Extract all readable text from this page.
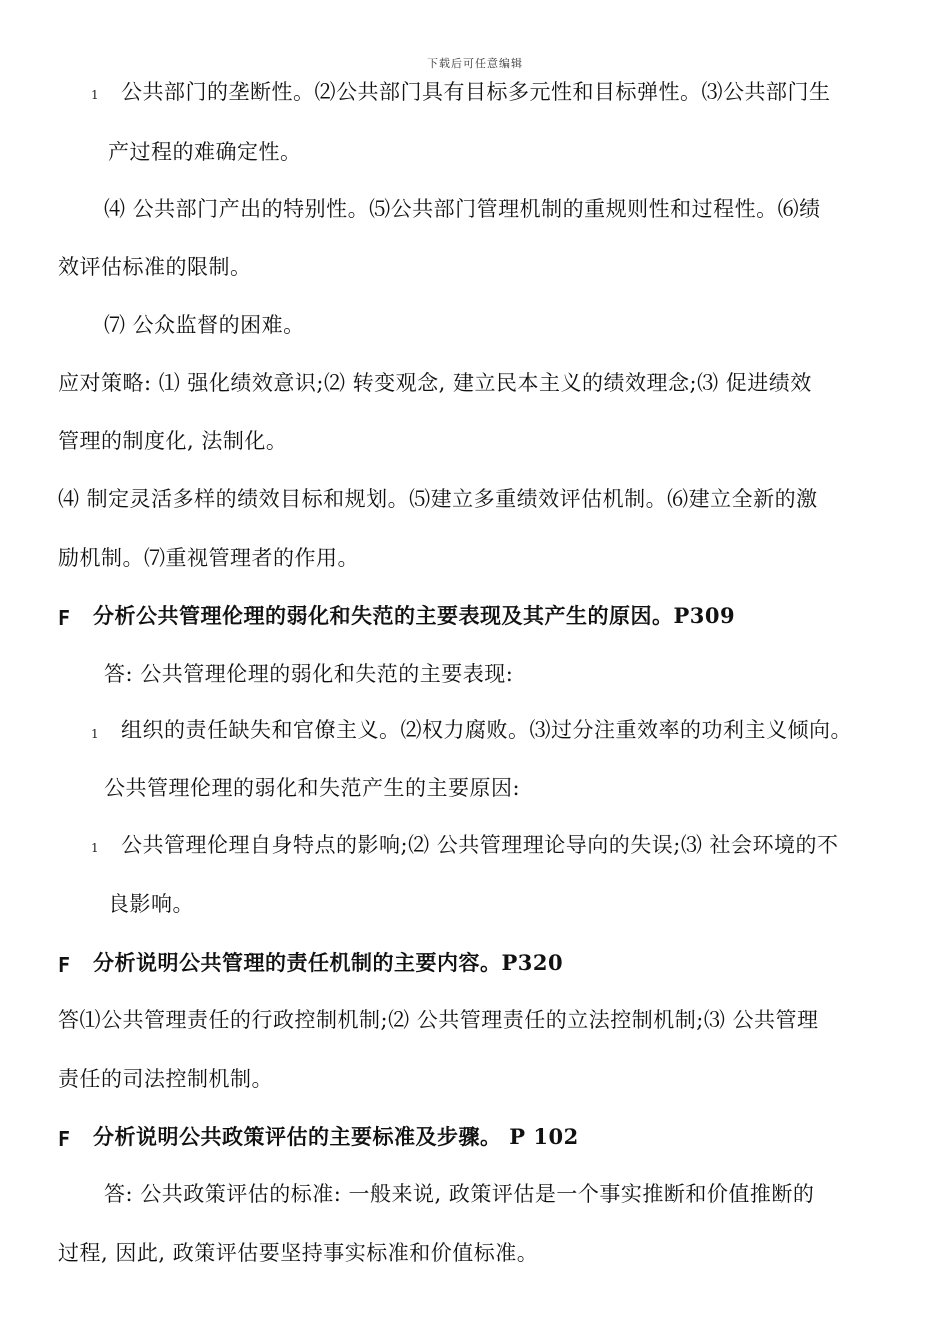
下载后可任意编辑
1 公共部门的垄断性。⑵公共部门具有目标多元性和目标弹性。⑶公共部门生
产过程的难确定性。
⑷ 公共部门产出的特别性。⑸公共部门管理机制的重规则性和过程性。⑹绩
效评估标准的限制。
⑺ 公众监督的困难。
应对策略: ⑴ 强化绩效意识;⑵ 转变观念, 建立民本主义的绩效理念;⑶ 促进绩效
管理的制度化, 法制化。
⑷ 制定灵活多样的绩效目标和规划。⑸建立多重绩效评估机制。⑹建立全新的激
励机制。⑺重视管理者的作用。
F 分析公共管理伦理的弱化和失范的主要表现及其产生的原因。P309
答: 公共管理伦理的弱化和失范的主要表现:
1 组织的责任缺失和官僚主义。⑵权力腐败。⑶过分注重效率的功利主义倾向。
公共管理伦理的弱化和失范产生的主要原因:
1 公共管理伦理自身特点的影响;⑵ 公共管理理论导向的失误;⑶ 社会环境的不
良影响。
F 分析说明公共管理的责任机制的主要内容。P320
答⑴公共管理责任的行政控制机制;⑵ 公共管理责任的立法控制机制;⑶ 公共管理
责任的司法控制机制。
F 分析说明公共政策评估的主要标准及步骤。 P 102
答: 公共政策评估的标准: 一般来说, 政策评估是一个事实推断和价值推断的
过程, 因此, 政策评估要坚持事实标准和价值标准。
